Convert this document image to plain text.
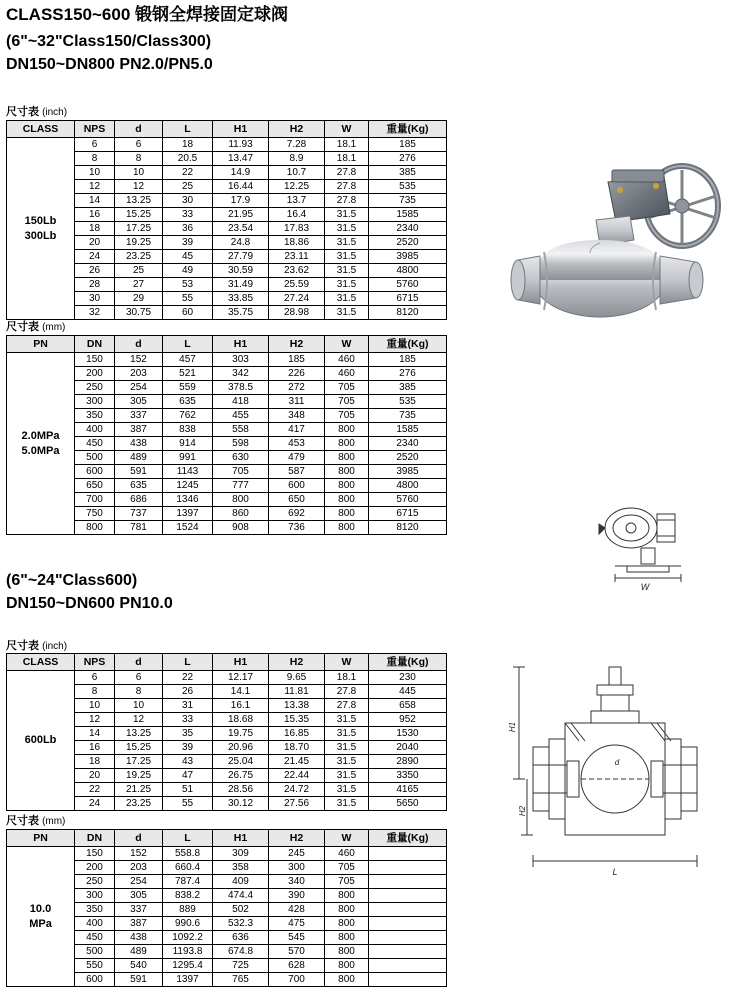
CLASS150~600 锻钢全焊接固定球阀
(6"~32"Class150/Class300)
DN150~DN800 PN2.0/PN5.0
尺寸表 (inch)
CLASS	NPS	d	L	H1	H2	W	重量(Kg)

150Lb
300Lb	6	6	18	11.93	7.28	18.1	185
	8	8	20.5	13.47	8.9	18.1	276
	10	10	22	14.9	10.7	27.8	385
	12	12	25	16.44	12.25	27.8	535
	14	13.25	30	17.9	13.7	27.8	735
	16	15.25	33	21.95	16.4	31.5	1585
	18	17.25	36	23.54	17.83	31.5	2340
	20	19.25	39	24.8	18.86	31.5	2520
	24	23.25	45	27.79	23.11	31.5	3985
	26	25	49	30.59	23.62	31.5	4800
	28	27	53	31.49	25.59	31.5	5760
	30	29	55	33.85	27.24	31.5	6715
	32	30.75	60	35.75	28.98	31.5	8120
尺寸表 (mm)
PN	DN	d	L	H1	H2	W	重量(Kg)

2.0MPa
5.0MPa	150	152	457	303	185	460	185
	200	203	521	342	226	460	276
	250	254	559	378.5	272	705	385
	300	305	635	418	311	705	535
	350	337	762	455	348	705	735
	400	387	838	558	417	800	1585
	450	438	914	598	453	800	2340
	500	489	991	630	479	800	2520
	600	591	1143	705	587	800	3985
	650	635	1245	777	600	800	4800
	700	686	1346	800	650	800	5760
	750	737	1397	860	692	800	6715
	800	781	1524	908	736	800	8120
(6"~24"Class600)
DN150~DN600 PN10.0
尺寸表 (inch)
CLASS	NPS	d	L	H1	H2	W	重量(Kg)

600Lb	6	6	22	12.17	9.65	18.1	230
	8	8	26	14.1	11.81	27.8	445
	10	10	31	16.1	13.38	27.8	658
	12	12	33	18.68	15.35	31.5	952
	14	13.25	35	19.75	16.85	31.5	1530
	16	15.25	39	20.96	18.70	31.5	2040
	18	17.25	43	25.04	21.45	31.5	2890
	20	19.25	47	26.75	22.44	31.5	3350
	22	21.25	51	28.56	24.72	31.5	4165
	24	23.25	55	30.12	27.56	31.5	5650
尺寸表 (mm)
PN	DN	d	L	H1	H2	W	重量(Kg)

10.0
MPa	150	152	558.8	309	245	460	
	200	203	660.4	358	300	705	
	250	254	787.4	409	340	705	
	300	305	838.2	474.4	390	800	
	350	337	889	502	428	800	
	400	387	990.6	532.3	475	800	
	450	438	1092.2	636	545	800	
	500	489	1193.8	674.8	570	800	
	550	540	1295.4	725	628	800	
	600	591	1397	765	700	800	
W
L
H1
H2
d
